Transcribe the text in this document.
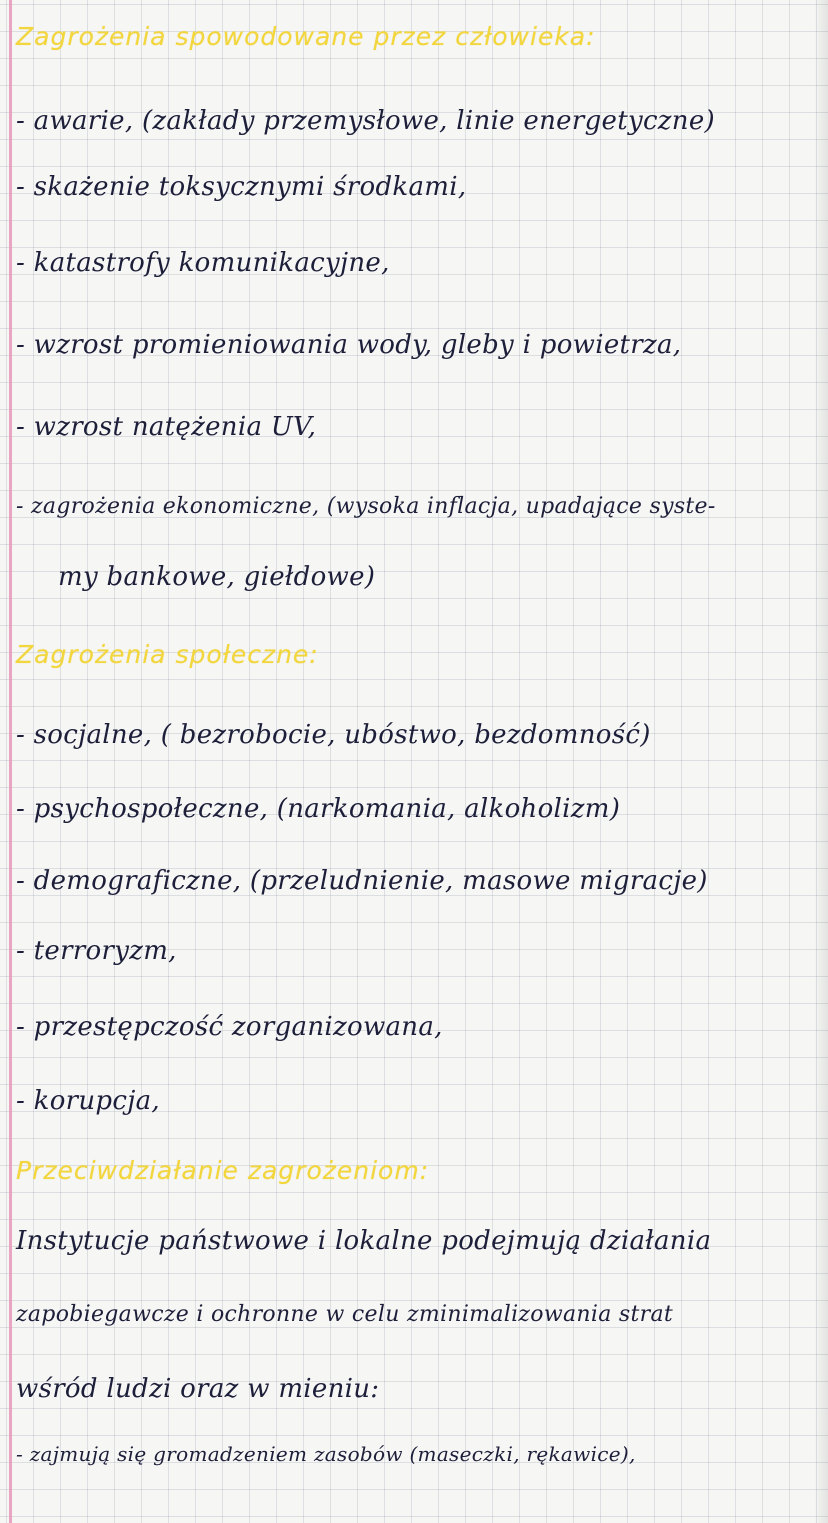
Zagrożenia spowodowane przez człowieka:
- awarie, (zakłady przemysłowe, linie energetyczne)
- skażenie toksycznymi środkami,
- katastrofy komunikacyjne,
- wzrost promieniowania wody, gleby i powietrza,
- wzrost natężenia UV,
- zagrożenia ekonomiczne, (wysoka inflacja, upadające syste-
my bankowe, giełdowe)
Zagrożenia społeczne:
- socjalne, ( bezrobocie, ubóstwo, bezdomność)
- psychospołeczne, (narkomania, alkoholizm)
- demograficzne, (przeludnienie, masowe migracje)
- terroryzm,
- przestępczość zorganizowana,
- korupcja,
Przeciwdziałanie zagrożeniom:
Instytucje państwowe i lokalne podejmują działania
zapobiegawcze i ochronne w celu zminimalizowania strat
wśród ludzi oraz w mieniu:
- zajmują się gromadzeniem zasobów (maseczki, rękawice),
